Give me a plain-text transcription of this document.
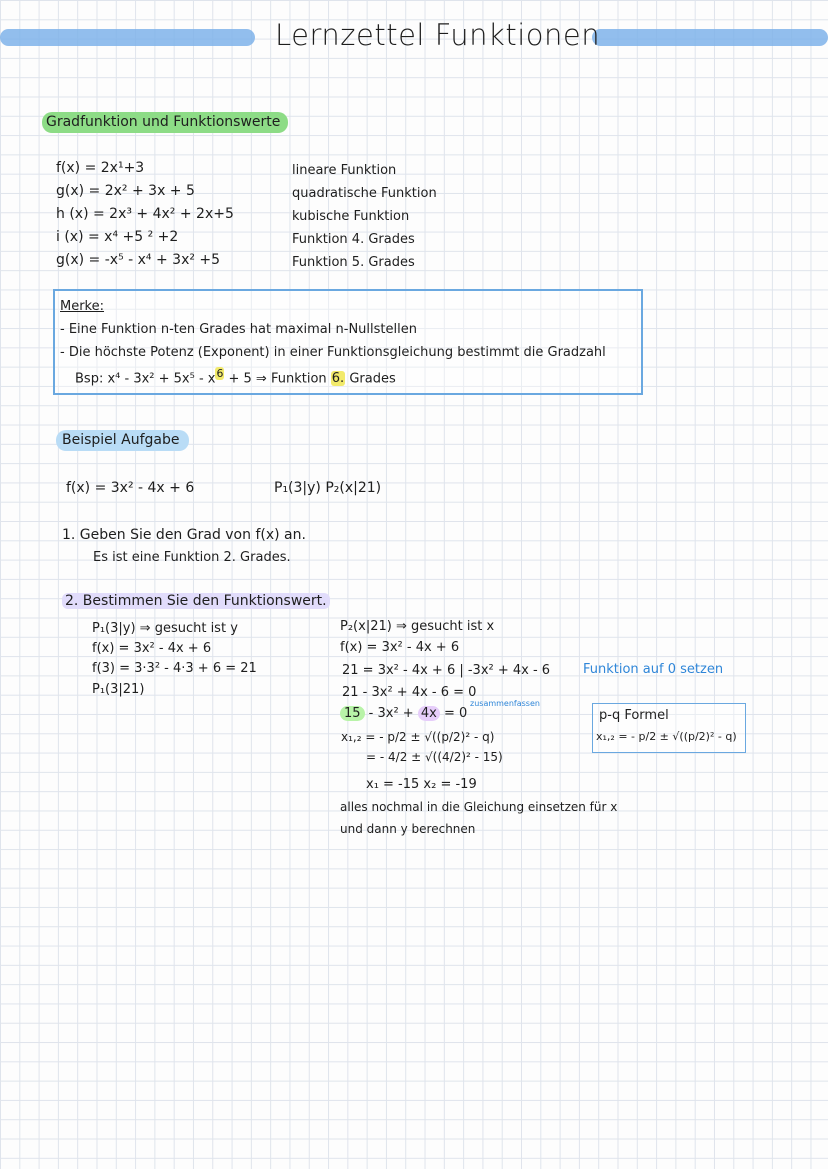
Lernzettel Funktionen
Gradfunktion und Funktionswerte
f(x) = 2x¹+3
g(x) = 2x² + 3x + 5
h (x) = 2x³ + 4x² + 2x+5
i (x) = x⁴ +5 ² +2
g(x) = -x⁵ - x⁴ + 3x² +5
lineare Funktion
quadratische Funktion
kubische Funktion
Funktion 4. Grades
Funktion 5. Grades
Merke:
- Eine Funktion n-ten Grades hat maximal n-Nullstellen
- Die höchste Potenz (Exponent) in einer Funktionsgleichung bestimmt die Gradzahl
Bsp: $x^4 - 3x^2 + 5x^5 - x^6 + 5$ ⇒ Funktion 6. Grades
Beispiel Aufgabe
f(x) = 3x² - 4x + 6	P₁(3|y) P₂(x|21)
1. Geben Sie den Grad von f(x) an.
Es ist eine Funktion 2. Grades.
2. Bestimmen Sie den Funktionswert.
P₁(3|y) ⇒ gesucht ist y
f(x) = 3x² - 4x + 6
f(3) = 3·3² - 4·3 + 6 = 21
P₁(3|21)
P₂(x|21) ⇒ gesucht ist x
f(x) = 3x² - 4x + 6
21 = 3x² - 4x + 6 | -3x² + 4x - 6
21 - 3x² + 4x - 6 = 0
Funktion auf 0 setzen
zusammenfassen
15 - 3x² + 4x = 0
x₁,₂ = - p/2 ± √((p/2)² - q)
= - 4/2 ± √((4/2)² - 15)
x₁ = -15 x₂ = -19
alles nochmal in die Gleichung einsetzen für x
und dann y berechnen
p-q Formel
x₁,₂ = - p/2 ± √((p/2)² - q)
